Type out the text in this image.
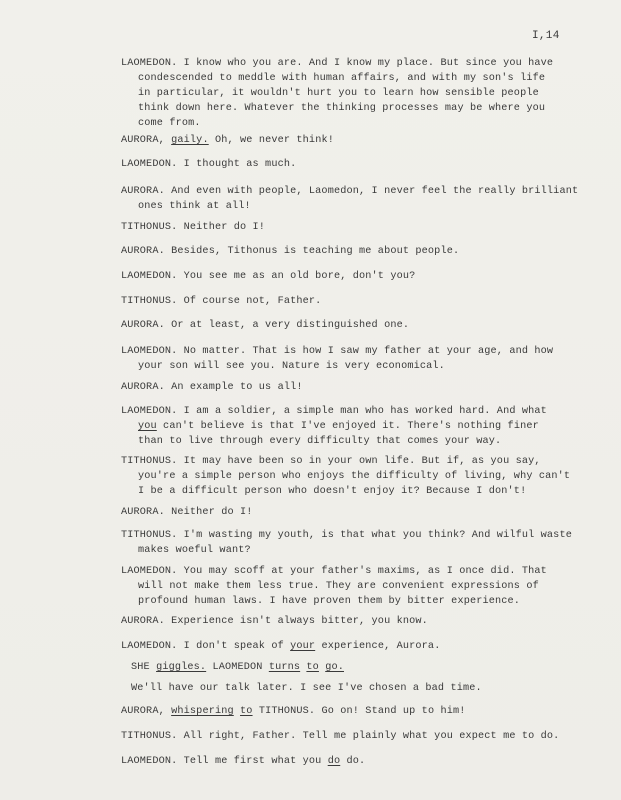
I,14
LAOMEDON. I know who you are. And I know my place. But since you have
condescended to meddle with human affairs, and with my son's life
in particular, it wouldn't hurt you to learn how sensible people
think down here. Whatever the thinking processes may be where you
come from.
AURORA, gaily. Oh, we never think!
LAOMEDON. I thought as much.
AURORA. And even with people, Laomedon, I never feel the really brilliant
ones think at all!
TITHONUS. Neither do I!
AURORA. Besides, Tithonus is teaching me about people.
LAOMEDON. You see me as an old bore, don't you?
TITHONUS. Of course not, Father.
AURORA. Or at least, a very distinguished one.
LAOMEDON. No matter. That is how I saw my father at your age, and how
your son will see you. Nature is very economical.
AURORA. An example to us all!
LAOMEDON. I am a soldier, a simple man who has worked hard. And what
you can't believe is that I've enjoyed it. There's nothing finer
than to live through every difficulty that comes your way.
TITHONUS. It may have been so in your own life. But if, as you say,
you're a simple person who enjoys the difficulty of living, why can't
I be a difficult person who doesn't enjoy it? Because I don't!
AURORA. Neither do I!
TITHONUS. I'm wasting my youth, is that what you think? And wilful waste
makes woeful want?
LAOMEDON. You may scoff at your father's maxims, as I once did. That
will not make them less true. They are convenient expressions of
profound human laws. I have proven them by bitter experience.
AURORA. Experience isn't always bitter, you know.
LAOMEDON. I don't speak of your experience, Aurora.
SHE giggles. LAOMEDON turns to go.
We'll have our talk later. I see I've chosen a bad time.
AURORA, whispering to TITHONUS. Go on! Stand up to him!
TITHONUS. All right, Father. Tell me plainly what you expect me to do.
LAOMEDON. Tell me first what you do do.
